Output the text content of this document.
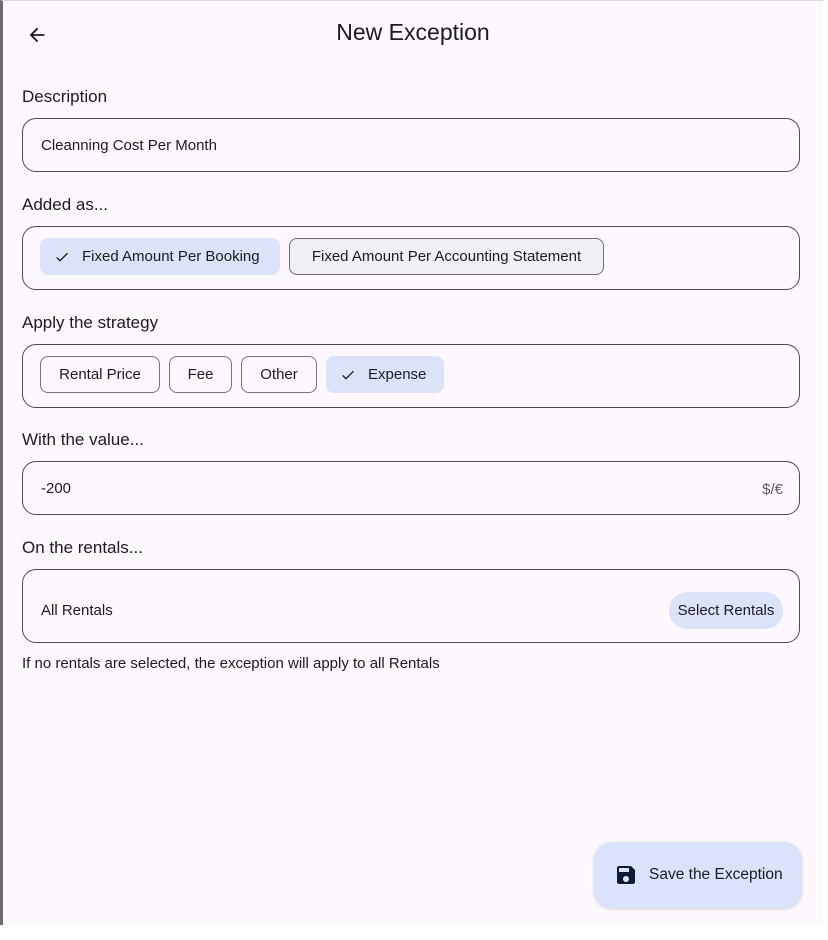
New Exception
Description
Cleanning Cost Per Month
Added as...
Fixed Amount Per Booking	Fixed Amount Per Accounting Statement
Apply the strategy
Rental Price	Fee	Other	Expense
With the value...
-200	$/€
On the rentals...
All Rentals	Select Rentals
If no rentals are selected, the exception will apply to all Rentals
Save the Exception
